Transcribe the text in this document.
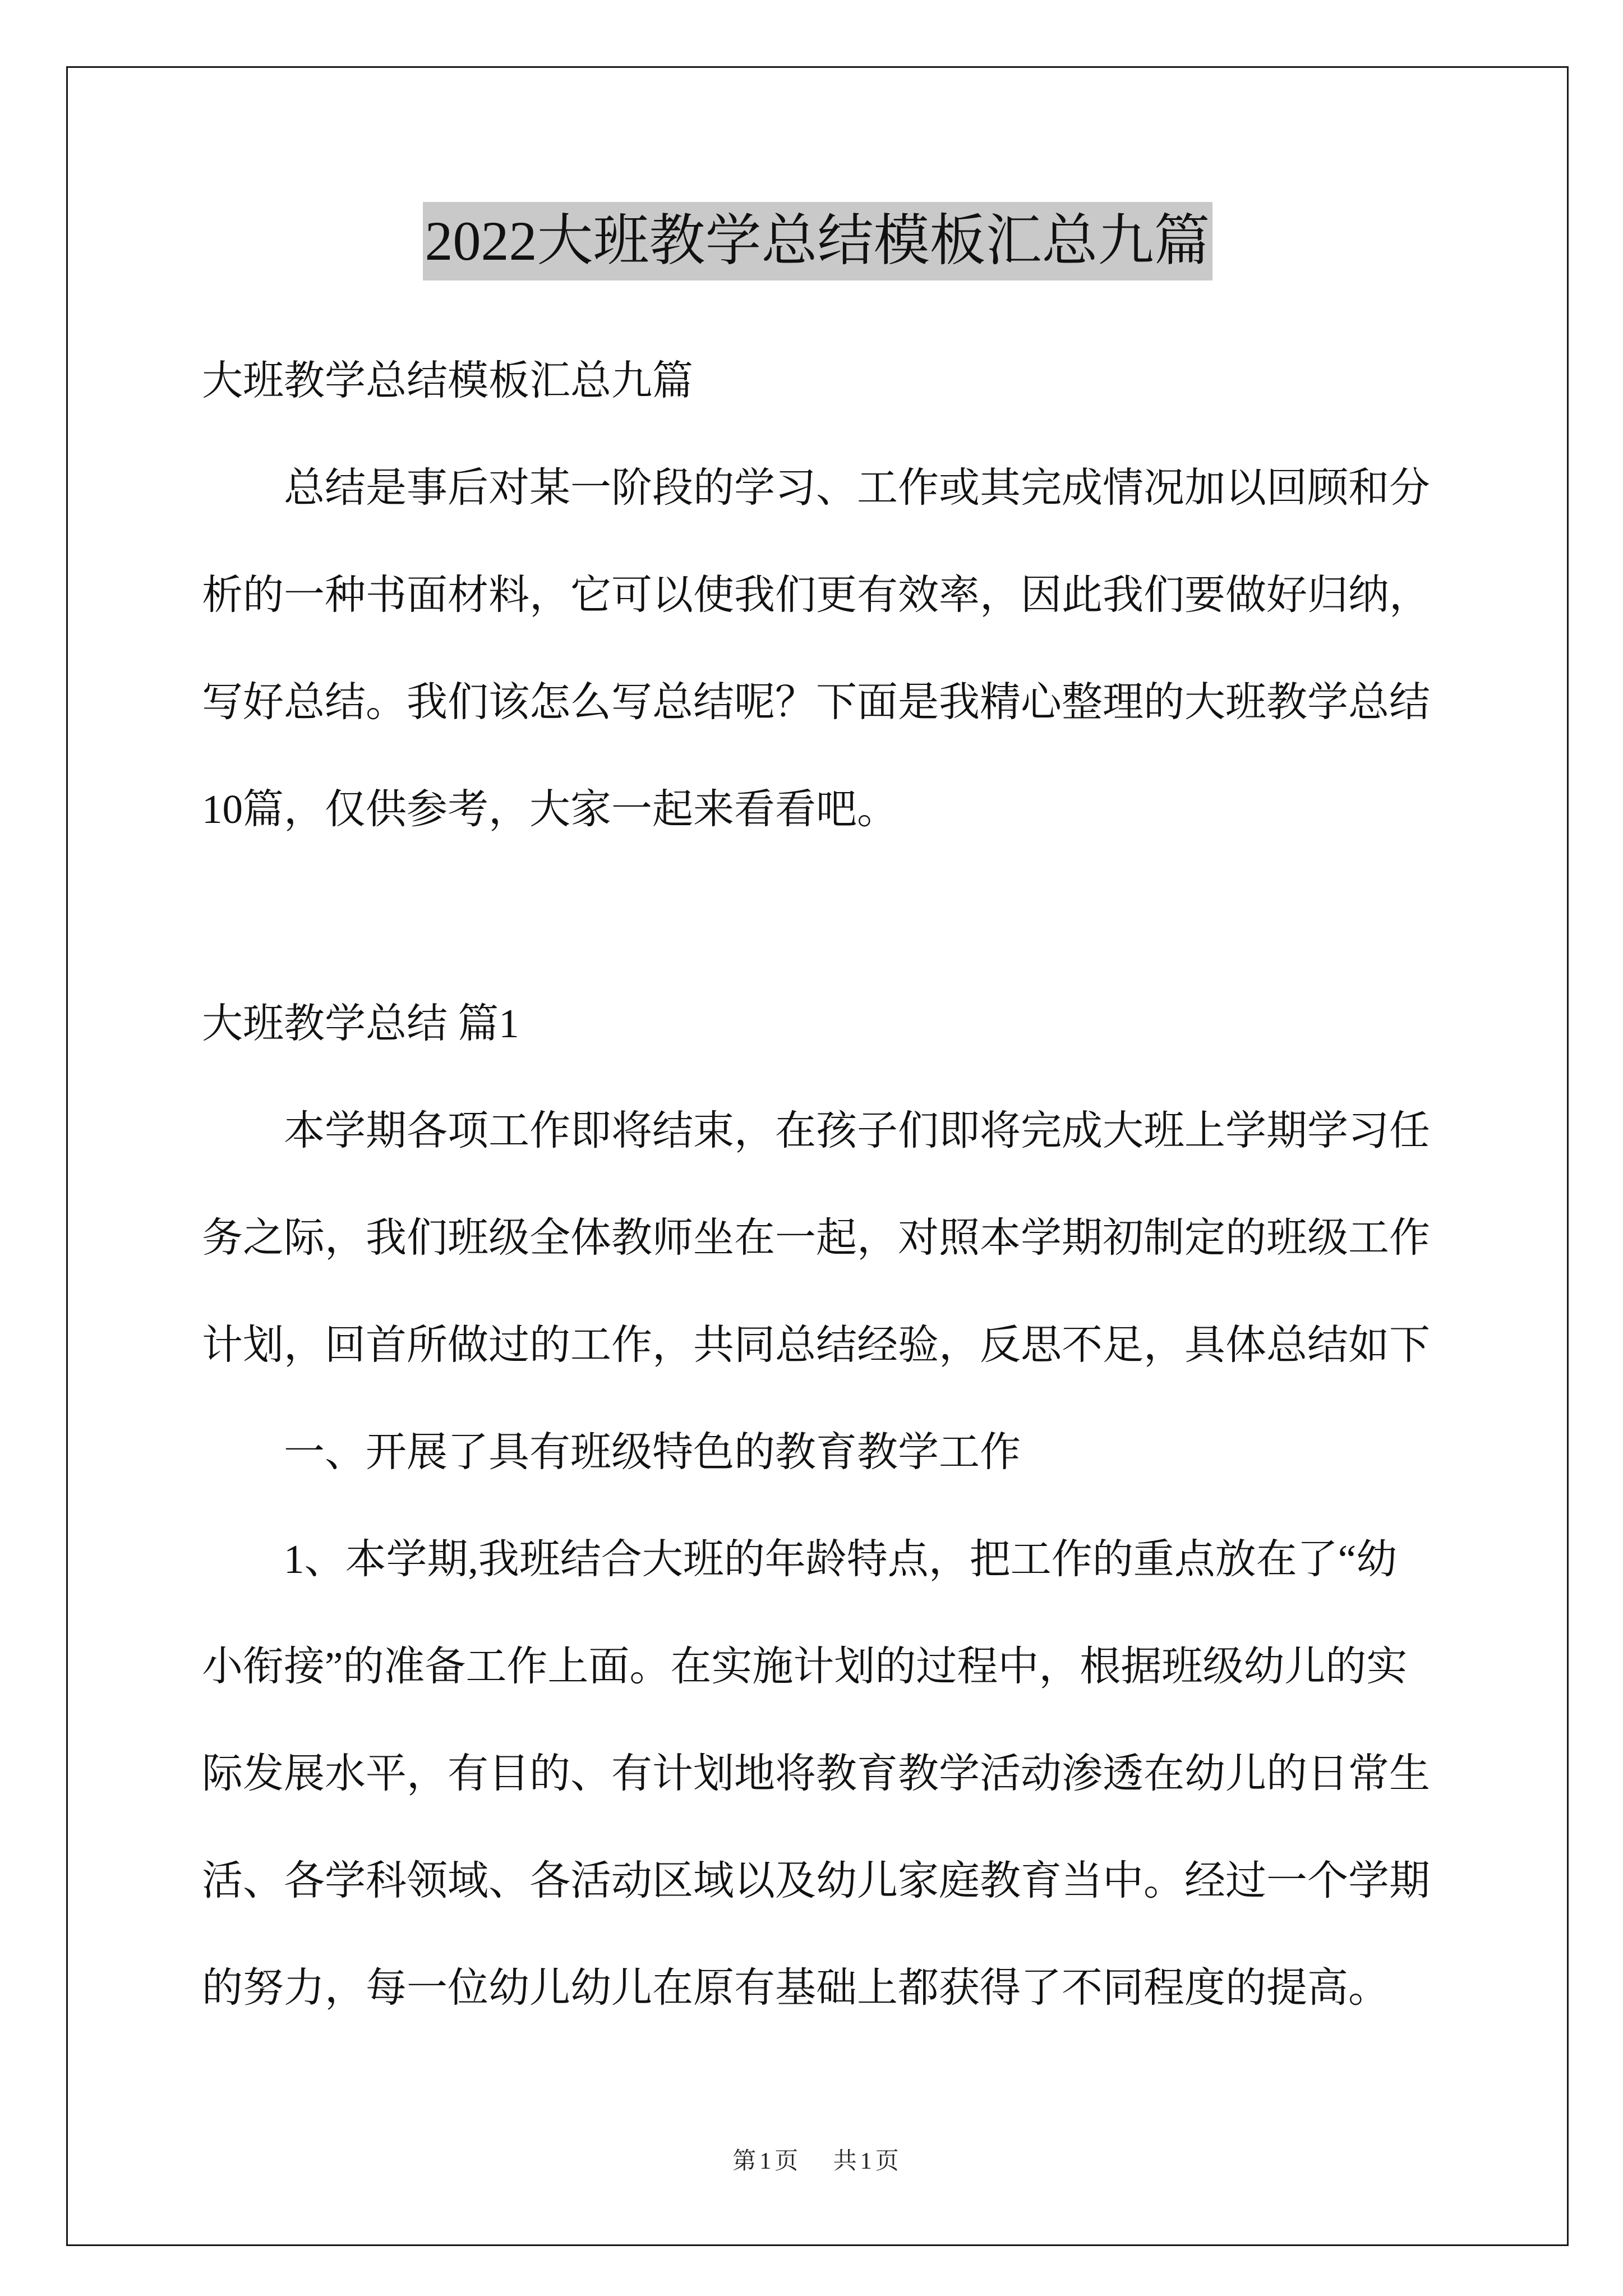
2022大班教学总结模板汇总九篇
大班教学总结模板汇总九篇
总结是事后对某一阶段的学习、工作或其完成情况加以回顾和分
析的一种书面材料，它可以使我们更有效率，因此我们要做好归纳，
写好总结。我们该怎么写总结呢？下面是我精心整理的大班教学总结
10篇，仅供参考，大家一起来看看吧。
大班教学总结 篇1
本学期各项工作即将结束，在孩子们即将完成大班上学期学习任
务之际，我们班级全体教师坐在一起，对照本学期初制定的班级工作
计划，回首所做过的工作，共同总结经验，反思不足，具体总结如下
一、开展了具有班级特色的教育教学工作
1、本学期,我班结合大班的年龄特点，把工作的重点放在了“幼
小衔接”的准备工作上面。在实施计划的过程中，根据班级幼儿的实
际发展水平，有目的、有计划地将教育教学活动渗透在幼儿的日常生
活、各学科领域、各活动区域以及幼儿家庭教育当中。经过一个学期
的努力，每一位幼儿幼儿在原有基础上都获得了不同程度的提高。
第1页 共1页
